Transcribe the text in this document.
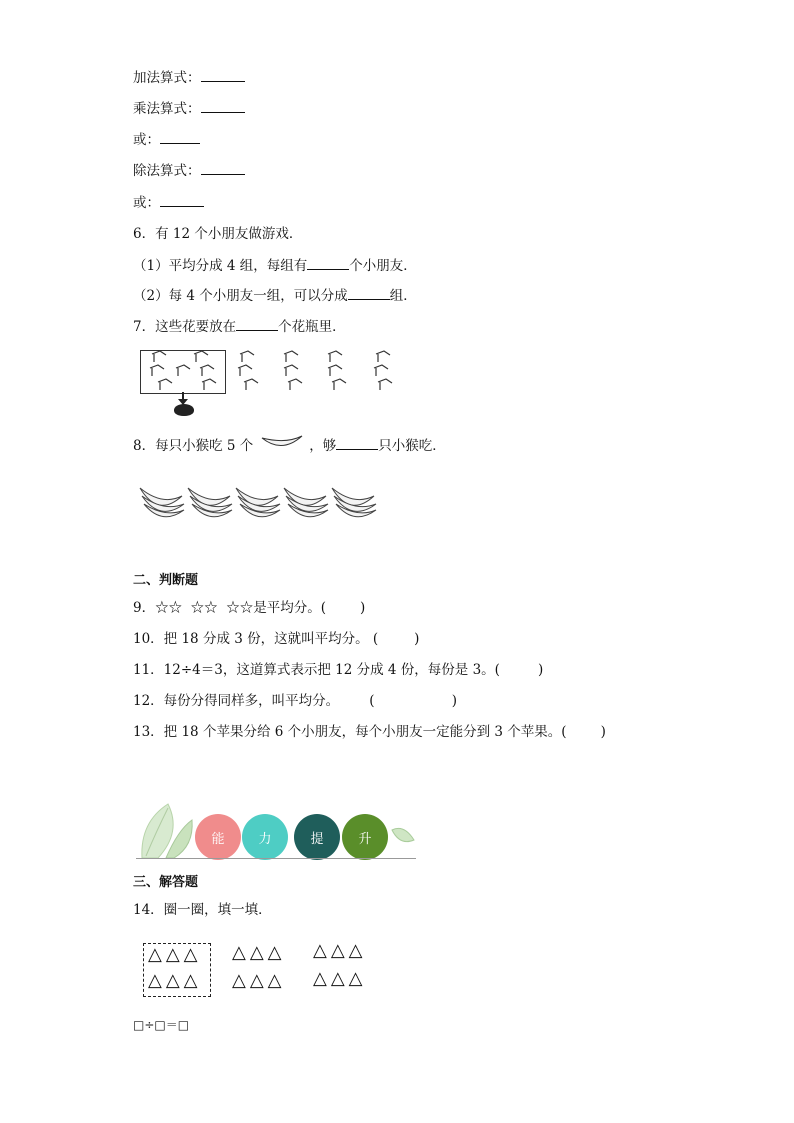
加法算式：
乘法算式：
或：
除法算式：
或：
6．有 12 个小朋友做游戏．
（1）平均分成 4 组，每组有	个小朋友．
（2）每 4 个小朋友一组，可以分成	组．
7．这些花要放在	个花瓶里．
8．每只小猴吃 5 个	，够	只小猴吃．
二、判断题
9．☆☆  ☆☆  ☆☆是平均分。(	)
10．把 18 分成 3 份，这就叫平均分。 (	)
11．12÷4＝3，这道算式表示把 12 分成 4 份，每份是 3。(	)
12．每份分得同样多，叫平均分。 (                  )
13．把 18 个苹果分给 6 个小朋友，每个小朋友一定能分到 3 个苹果。(	)
能	力	提	升
三、解答题
14．圈一圈，填一填．
△△△
△△△
△△△
△△△
△△△
△△△
□÷□＝□
